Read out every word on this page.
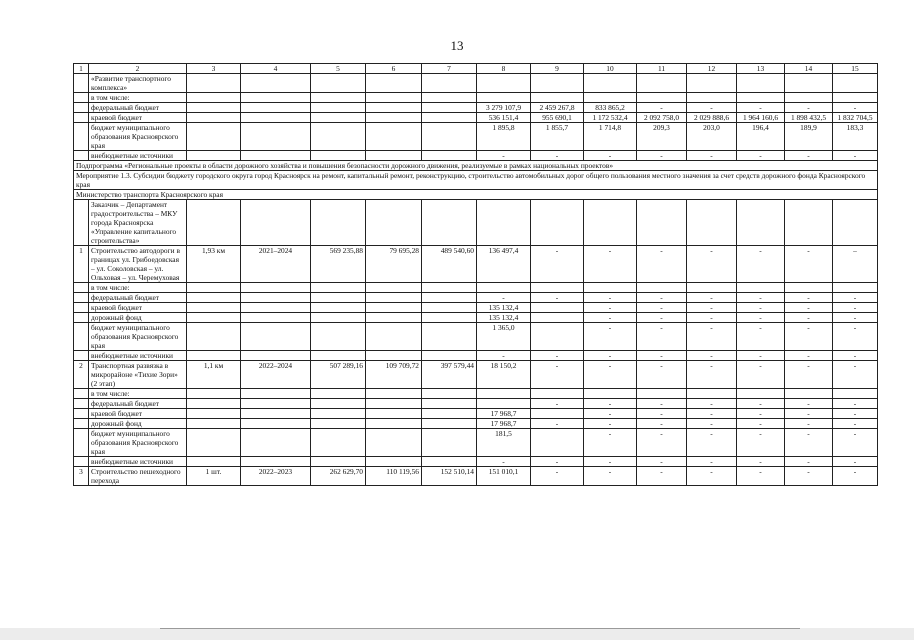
13
1	2	3	4	5	6	7	8	9	10	11	12	13	14	15
	«Развитие транспортного комплекса»													
	в том числе:													
	федеральный бюджет						3 279 107,9	2 459 267,8	833 865,2	-	-	-	-	-
	краевой бюджет						536 151,4	955 690,1	1 172 532,4	2 092 758,0	2 029 888,6	1 964 160,6	1 898 432,5	1 832 704,5
	бюджет муниципального образования Красноярского края						1 895,8	1 855,7	1 714,8	209,3	203,0	196,4	189,9	183,3
	внебюджетные источники						-	-	-	-	-	-	-	-
Подпрограмма «Региональные проекты в области дорожного хозяйства и повышения безопасности дорожного движения, реализуемые в рамках национальных проектов»														
Мероприятие 1.3. Субсидии бюджету городского округа город Красноярск на ремонт, капитальный ремонт, реконструкцию, строительство автомобильных дорог общего пользования местного значения за счет средств дорожного фонда Красноярского края														
Министерство транспорта Красноярского края														
	Заказчик – Департамент градостроительства – МКУ города Красноярска «Управление капитального строительства»													
1	Строительство автодороги в границах ул. Грибоедовская – ул. Соколовская – ул. Ольховая – ул. Черемуховая	1,93 км	2021–2024	569 235,88	79 695,28	489 540,60	136 497,4	-	-	-	-	-	-	–
	в том числе:													
	федеральный бюджет						-	-	-	-	-	-	-	-
	краевой бюджет						135 132,4		-	-	-	-	-	-
	дорожный фонд						135 132,4		-	-	-	-	-	-
	бюджет муниципального образования Красноярского края						1 365,0		-	-	-	-	-	-
	внебюджетные источники						-	-	-	-	-	-	-	-
2	Транспортная развязка в микрорайоне «Тихие Зори» (2 этап)	1,1 км	2022–2024	507 289,16	109 709,72	397 579,44	18 150,2	-	-	-	-	-	-	-
	в том числе:													
	федеральный бюджет							-	-	-	-	-	-	-
	краевой бюджет						17 968,7		-	-	-	-	-	-
	дорожный фонд						17 968,7	-	-	-	-	-	-	-
	бюджет муниципального образования Красноярского края						181,5		-	-	-	-	-	-
	внебюджетные источники						-	-	-	-	-	-	-	-
3	Строительство пешеходного перехода	1 шт.	2022–2023	262 629,70	110 119,56	152 510,14	151 010,1	-	-	-	-	-	-	-
